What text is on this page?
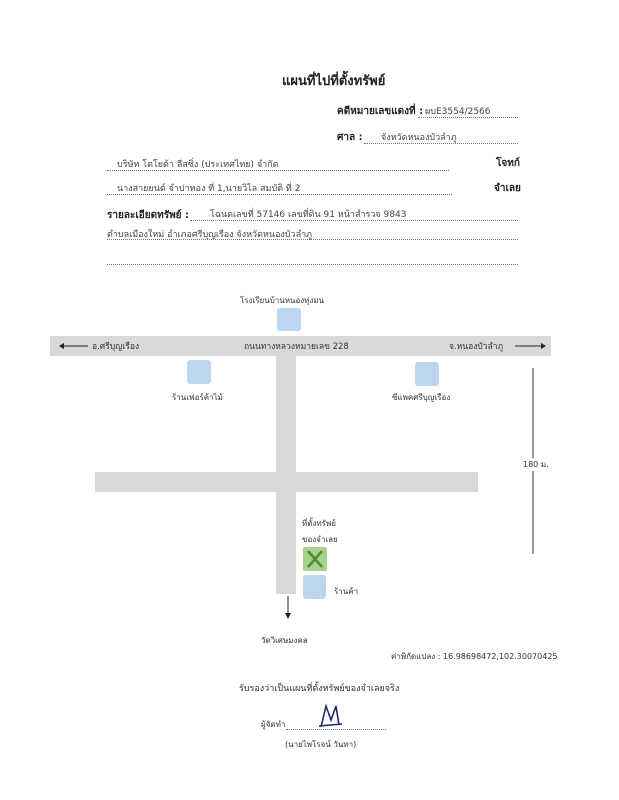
แผนที่ไปที่ตั้งทรัพย์
คดีหมายเลขแดงที่ : ผบE3554/2566
ศาล : จังหวัดหนองบัวลำภู
บริษัท โตโยต้า ลีสซิ่ง (ประเทศไทย) จำกัด	โจทก์
นางสายยนต์ จำปาทอง ที่ 1,นายวิไล สมบัติ ที่ 2	จำเลย
รายละเอียดทรัพย์ : โฉนดเลขที่ 57146 เลขที่ดิน 91 หน้าสำรวจ 9843
ตำบลเมืองใหม่ อำเภอศรีบุญเรือง จังหวัดหนองบัวลำภู
โรงเรียนบ้านหนองทุ่งมน
ถนนทางหลวงหมายเลข 228
อ.ศรีบุญเรือง	จ.หนองบัวลำภู
ร้านเฟอร์ค้าไม้	ซีแพคศรีบุญเรือง
180 ม.
ที่ตั้งทรัพย์
ของจำเลย
ร้านค้า
วัดวิเศษมงคล
ค่าพิกัดแปลง : 16.98698472,102.30070425
รับรองว่าเป็นแผนที่ตั้งทรัพย์ของจำเลยจริง
ผู้จัดทำ
(นายไพโรจน์ วันทา)
